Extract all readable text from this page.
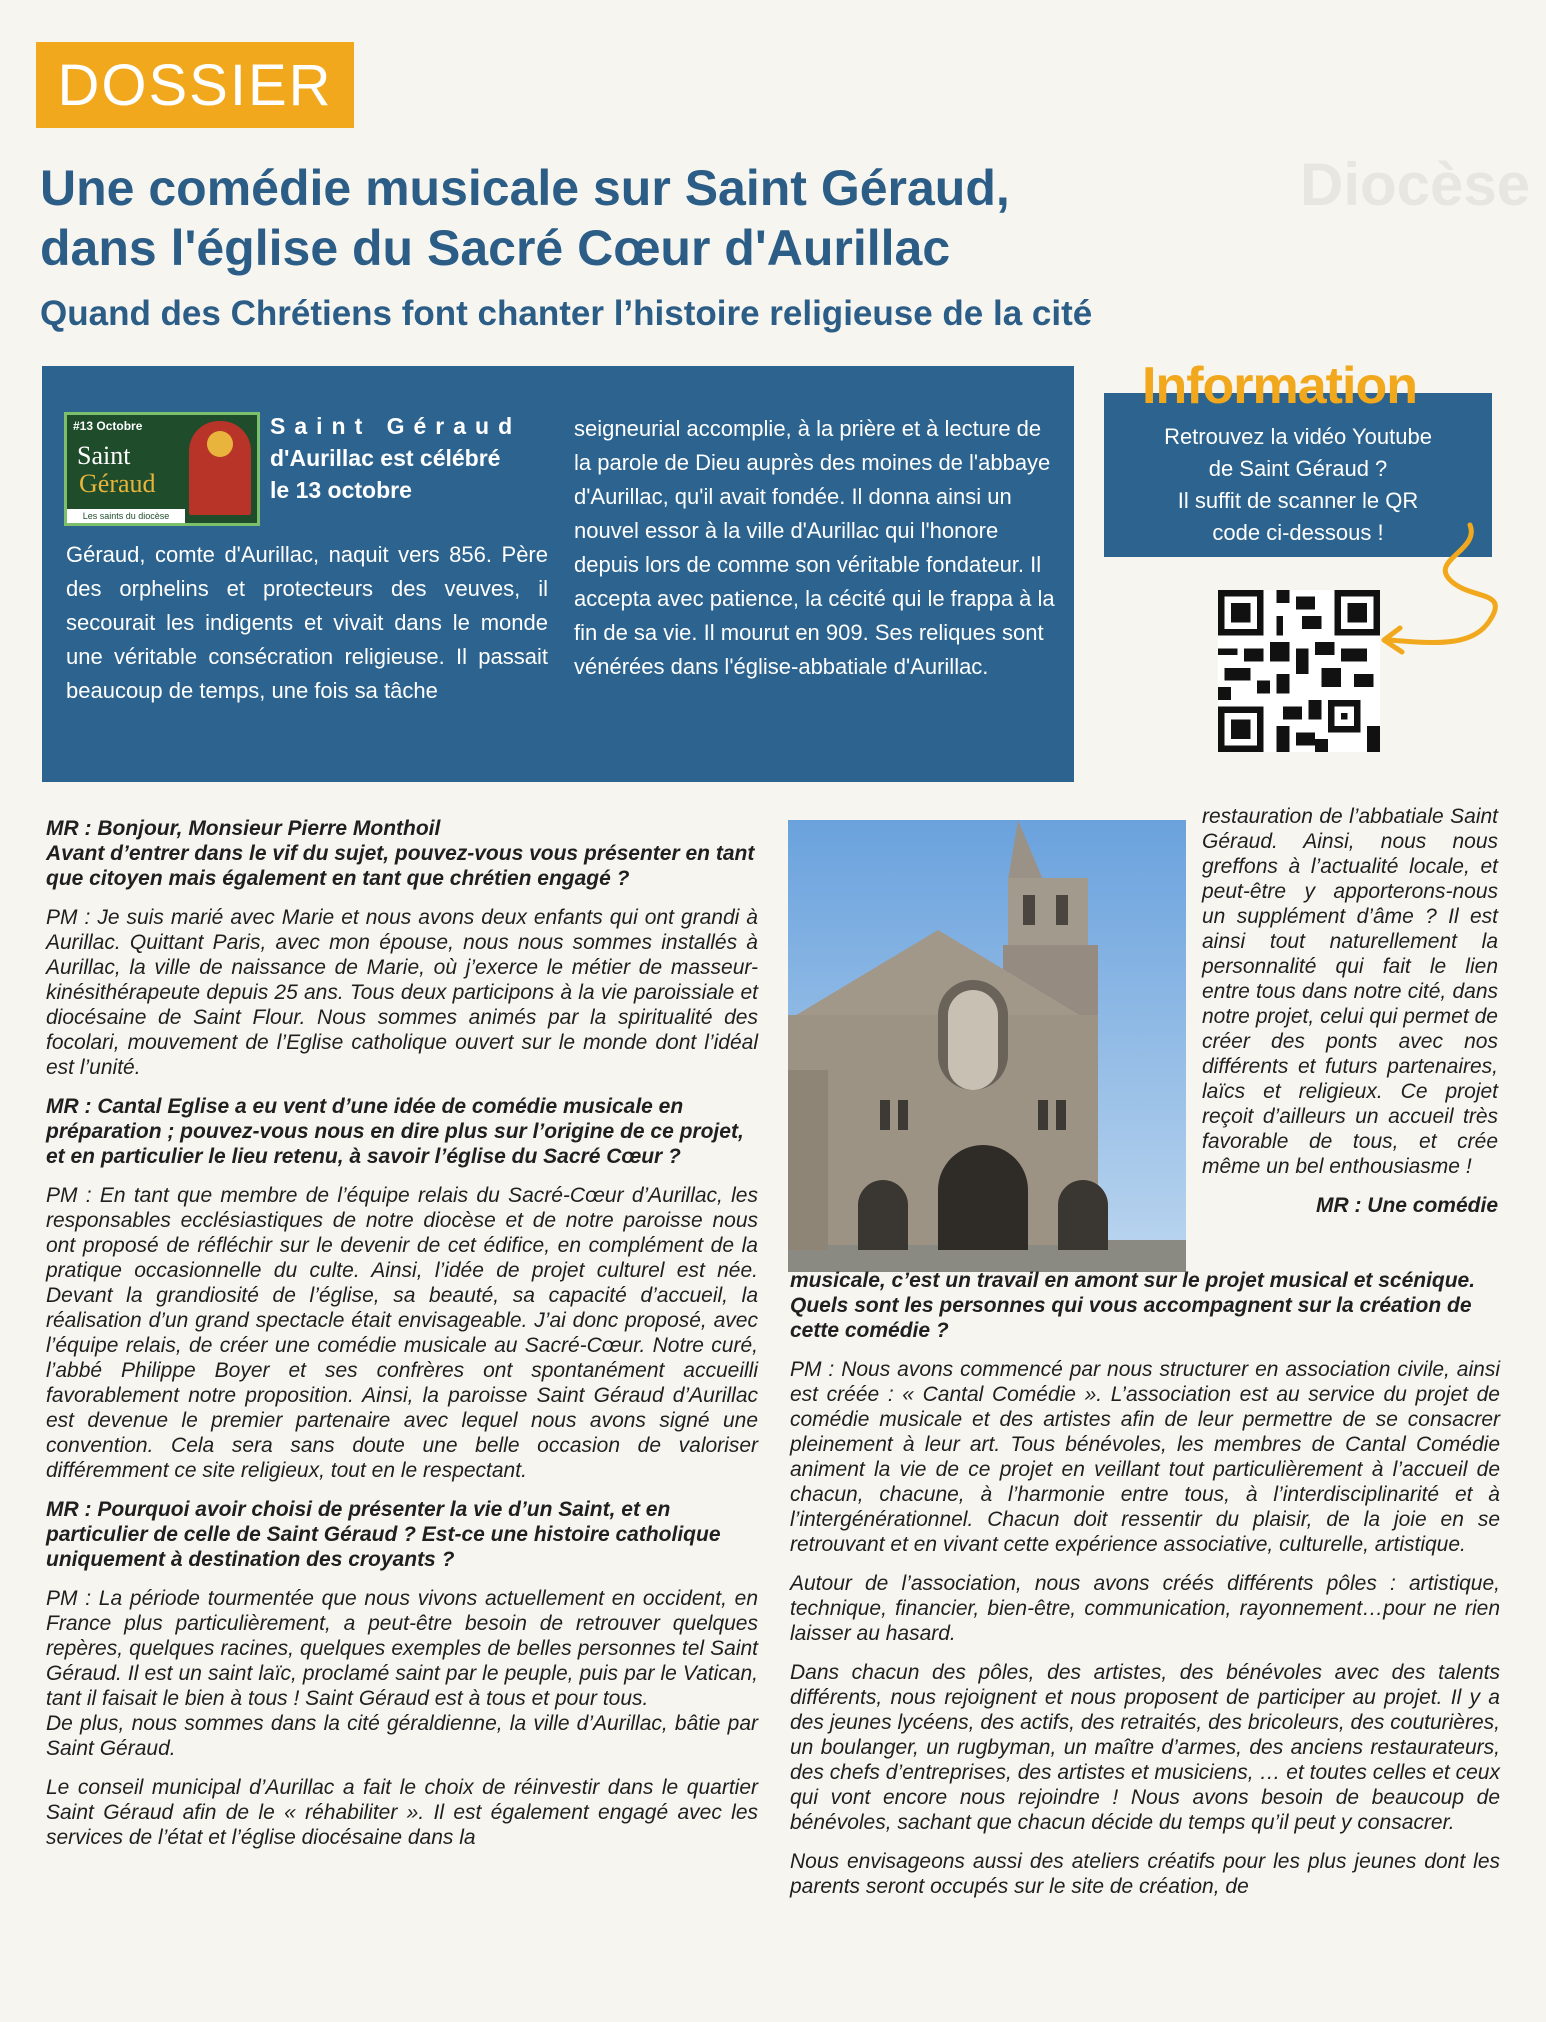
Diocèse
DOSSIER
Une comédie musicale sur Saint Géraud,
dans l'église du Sacré Cœur d'Aurillac
Quand des Chrétiens font chanter l’histoire religieuse de la cité
#13 Octobre
Saint
Géraud
Les saints du diocèse
Saint Géraud
d'Aurillac est célébré
le 13 octobre
Géraud, comte d'Aurillac, naquit vers 856. Père des orphelins et protecteurs des veuves, il secourait les indigents et vivait dans le monde une véritable consécration religieuse. Il passait beaucoup de temps, une fois sa tâche
seigneurial accomplie, à la prière et à lecture de la parole de Dieu auprès des moines de l'abbaye d'Aurillac, qu'il avait fondée. Il donna ainsi un nouvel essor à la ville d'Aurillac qui l'honore depuis lors de comme son véritable fondateur. Il accepta avec patience, la cécité qui le frappa à la fin de sa vie. Il mourut en 909. Ses reliques sont vénérées dans l'église-abbatiale d'Aurillac.
Retrouvez la vidéo Youtube
de Saint Géraud ?
Il suffit de scanner le QR
code ci-dessous !
Information

MR : Bonjour, Monsieur Pierre Monthoil
Avant d’entrer dans le vif du sujet, pouvez-vous vous présenter en tant que citoyen mais également en tant que chrétien engagé ?

PM : Je suis marié avec Marie et nous avons deux enfants qui ont grandi à Aurillac. Quittant Paris, avec mon épouse, nous nous sommes installés à Aurillac, la ville de naissance de Marie, où j’exerce le métier de masseur-kinésithérapeute depuis 25 ans. Tous deux participons à la vie paroissiale et diocésaine de Saint Flour. Nous sommes animés par la spiritualité des focolari, mouvement de l’Eglise catholique ouvert sur le monde dont l’idéal est l’unité.

MR : Cantal Eglise a eu vent d’une idée de comédie musicale en préparation ; pouvez-vous nous en dire plus sur l’origine de ce projet, et en particulier le lieu retenu, à savoir l’église du Sacré Cœur ?

PM : En tant que membre de l’équipe relais du Sacré-Cœur d’Aurillac, les responsables ecclésiastiques de notre diocèse et de notre paroisse nous ont proposé de réfléchir sur le devenir de cet édifice, en complément de la pratique occasionnelle du culte. Ainsi, l’idée de projet culturel est née. Devant la grandiosité de l’église, sa beauté, sa capacité d’accueil, la réalisation d’un grand spectacle était envisageable. J’ai donc proposé, avec l’équipe relais, de créer une comédie musicale au Sacré-Cœur. Notre curé, l’abbé Philippe Boyer et ses confrères ont spontanément accueilli favorablement notre proposition. Ainsi, la paroisse Saint Géraud d’Aurillac est devenue le premier partenaire avec lequel nous avons signé une convention. Cela sera sans doute une belle occasion de valoriser différemment ce site religieux, tout en le respectant.

MR : Pourquoi avoir choisi de présenter la vie d’un Saint, et en particulier de celle de Saint Géraud ? Est-ce une histoire catholique uniquement à destination des croyants ?

PM : La période tourmentée que nous vivons actuellement en occident, en France plus particulièrement, a peut-être besoin de retrouver quelques repères, quelques racines, quelques exemples de belles personnes tel Saint Géraud. Il est un saint laïc, proclamé saint par le peuple, puis par le Vatican, tant il faisait le bien à tous ! Saint Géraud est à tous et pour tous.

De plus, nous sommes dans la cité géraldienne, la ville d’Aurillac, bâtie par Saint Géraud.

Le conseil municipal d’Aurillac a fait le choix de réinvestir dans le quartier Saint Géraud afin de le « réhabiliter ». Il est également engagé avec les services de l’état et l’église diocésaine dans la

restauration de l’abbatiale Saint Géraud. Ainsi, nous nous greffons à l’actualité locale, et peut-être y apporterons-nous un supplément d’âme ? Il est ainsi tout naturellement la personnalité qui fait le lien entre tous dans notre cité, dans notre projet, celui qui permet de créer des ponts avec nos différents et futurs partenaires, laïcs et religieux. Ce projet reçoit d’ailleurs un accueil très favorable de tous, et crée même un bel enthousiasme !

MR : Une comédie

musicale, c’est un travail en amont sur le projet musical et scénique. Quels sont les personnes qui vous accompagnent sur la création de cette comédie ?

PM : Nous avons commencé par nous structurer en association civile, ainsi est créée : « Cantal Comédie ». L’association est au service du projet de comédie musicale et des artistes afin de leur permettre de se consacrer pleinement à leur art. Tous bénévoles, les membres de Cantal Comédie animent la vie de ce projet en veillant tout particulièrement à l’accueil de chacun, chacune, à l’harmonie entre tous, à l’interdisciplinarité et à l’intergénérationnel. Chacun doit ressentir du plaisir, de la joie en se retrouvant et en vivant cette expérience associative, culturelle, artistique.

Autour de l’association, nous avons créés différents pôles : artistique, technique, financier, bien-être, communication, rayonnement…pour ne rien laisser au hasard.

Dans chacun des pôles, des artistes, des bénévoles avec des talents différents, nous rejoignent et nous proposent de participer au projet. Il y a des jeunes lycéens, des actifs, des retraités, des bricoleurs, des couturières, un boulanger, un rugbyman, un maître d’armes, des anciens restaurateurs, des chefs d’entreprises, des artistes et musiciens, … et toutes celles et ceux qui vont encore nous rejoindre ! Nous avons besoin de beaucoup de bénévoles, sachant que chacun décide du temps qu’il peut y consacrer.

Nous envisageons aussi des ateliers créatifs pour les plus jeunes dont les parents seront occupés sur le site de création, de
